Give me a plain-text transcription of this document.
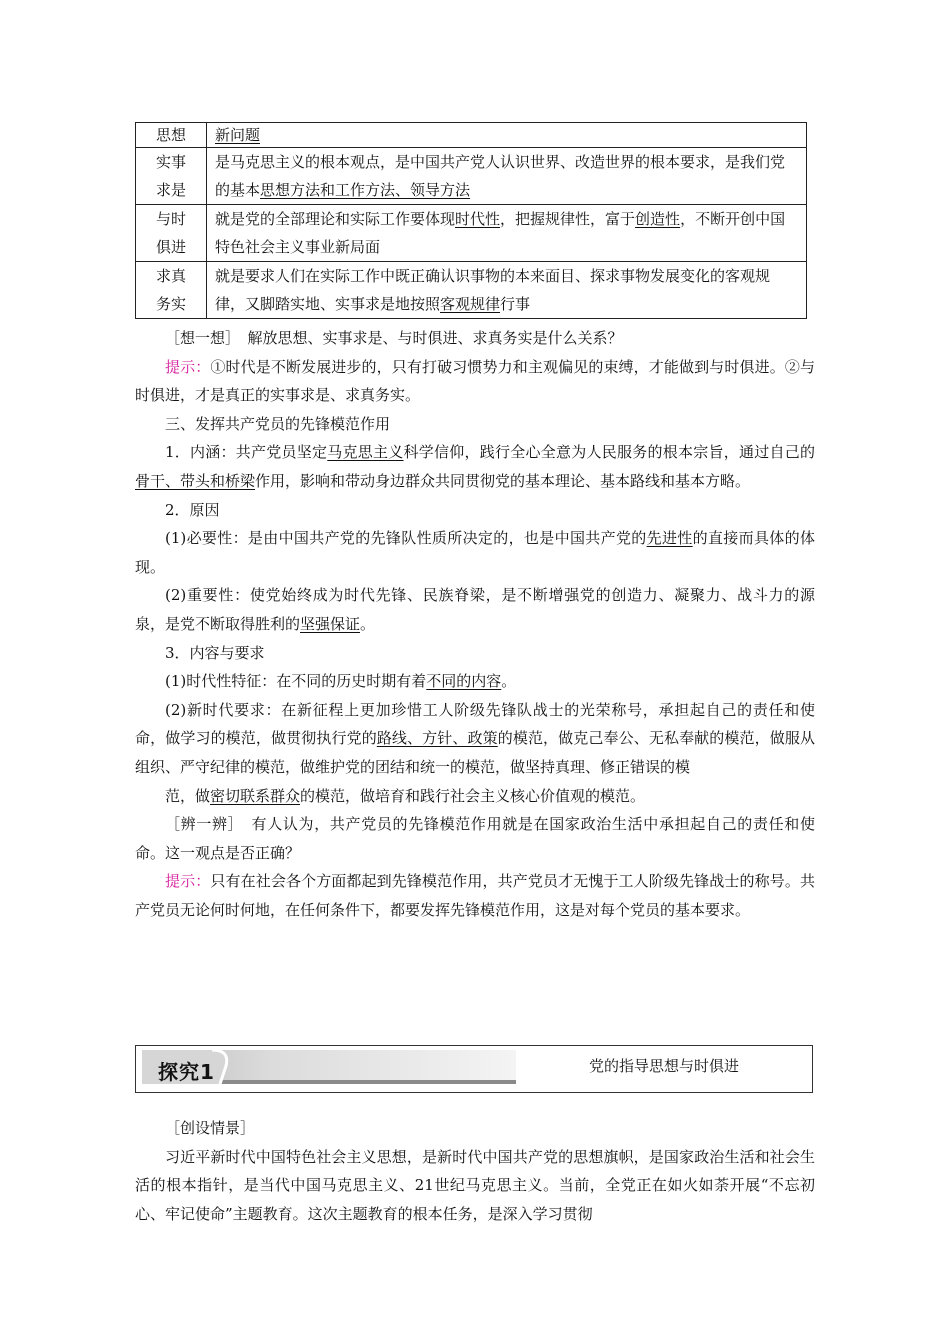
思想	新问题

实事
求是	是马克思主义的根本观点，是中国共产党人认识世界、改造世界的根本要求，是我们党的基本思想方法和工作方法、领导方法

与时
俱进	就是党的全部理论和实际工作要体现时代性，把握规律性，富于创造性，不断开创中国特色社会主义事业新局面

求真
务实	就是要求人们在实际工作中既正确认识事物的本来面目、探求事物发展变化的客观规律，又脚踏实地、实事求是地按照客观规律行事

［想一想］　解放思想、实事求是、与时俱进、求真务实是什么关系？

提示：①时代是不断发展进步的，只有打破习惯势力和主观偏见的束缚，才能做到与时俱进。②与时俱进，才是真正的实事求是、求真务实。

三、发挥共产党员的先锋模范作用

1．内涵：共产党员坚定马克思主义科学信仰，践行全心全意为人民服务的根本宗旨，通过自己的骨干、带头和桥梁作用，影响和带动身边群众共同贯彻党的基本理论、基本路线和基本方略。

2．原因

(1)必要性：是由中国共产党的先锋队性质所决定的，也是中国共产党的先进性的直接而具体的体现。

(2)重要性：使党始终成为时代先锋、民族脊梁，是不断增强党的创造力、凝聚力、战斗力的源泉，是党不断取得胜利的坚强保证。

3．内容与要求

(1)时代性特征：在不同的历史时期有着不同的内容。

(2)新时代要求：在新征程上更加珍惜工人阶级先锋队战士的光荣称号，承担起自己的责任和使命，做学习的模范，做贯彻执行党的路线、方针、政策的模范，做克己奉公、无私奉献的模范，做服从组织、严守纪律的模范，做维护党的团结和统一的模范，做坚持真理、修正错误的模

范，做密切联系群众的模范，做培育和践行社会主义核心价值观的模范。

［辨一辨］　有人认为，共产党员的先锋模范作用就是在国家政治生活中承担起自己的责任和使命。这一观点是否正确？

提示：只有在社会各个方面都起到先锋模范作用，共产党员才无愧于工人阶级先锋战士的称号。共产党员无论何时何地，在任何条件下，都要发挥先锋模范作用，这是对每个党员的基本要求。

探究1	党的指导思想与时俱进

［创设情景］

习近平新时代中国特色社会主义思想，是新时代中国共产党的思想旗帜，是国家政治生活和社会生活的根本指针，是当代中国马克思主义、21世纪马克思主义。当前，全党正在如火如荼开展“不忘初心、牢记使命”主题教育。这次主题教育的根本任务，是深入学习贯彻
